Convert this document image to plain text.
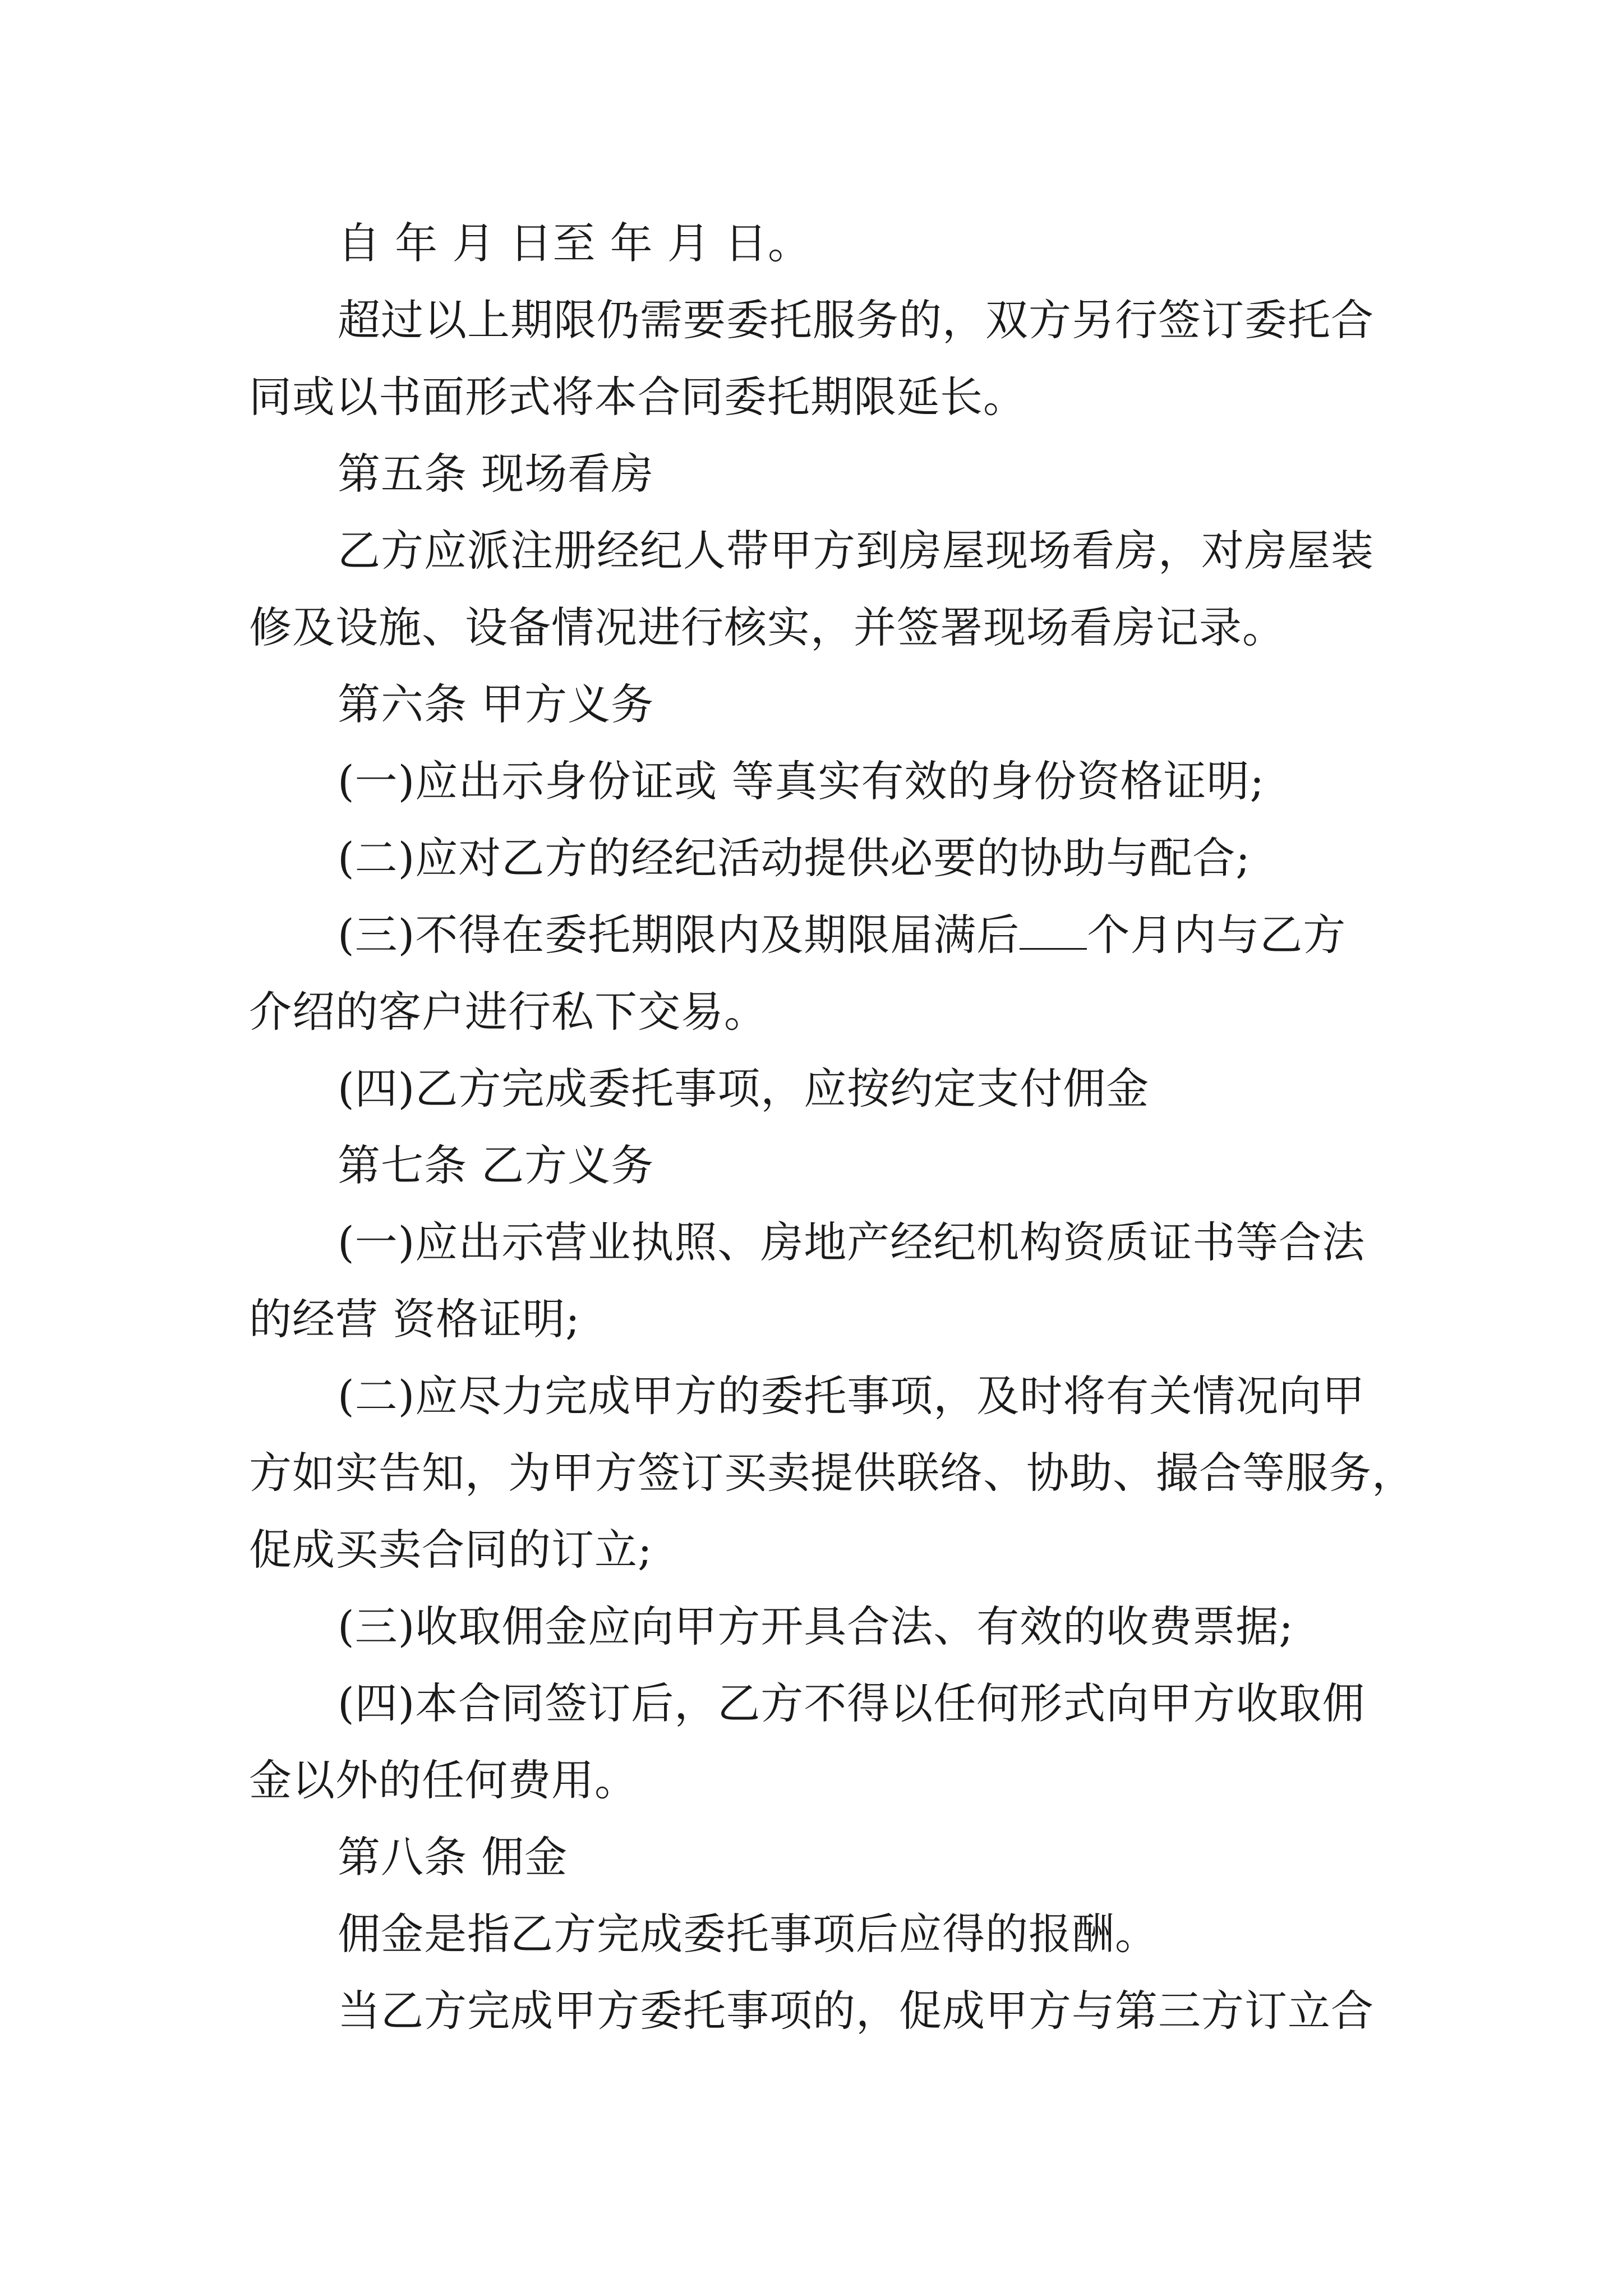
自 年 月 日至 年 月 日。
超过以上期限仍需要委托服务的，双方另行签订委托合
同或以书面形式将本合同委托期限延长。
第五条 现场看房
乙方应派注册经纪人带甲方到房屋现场看房，对房屋装
修及设施、设备情况进行核实，并签署现场看房记录。
第六条 甲方义务
(一)应出示身份证或 等真实有效的身份资格证明;
(二)应对乙方的经纪活动提供必要的协助与配合;
(三)不得在委托期限内及期限届满后 个月内与乙方
介绍的客户进行私下交易。
(四)乙方完成委托事项，应按约定支付佣金
第七条 乙方义务
(一)应出示营业执照、房地产经纪机构资质证书等合法
的经营 资格证明;
(二)应尽力完成甲方的委托事项，及时将有关情况向甲
方如实告知，为甲方签订买卖提供联络、协助、撮合等服务，
促成买卖合同的订立;
(三)收取佣金应向甲方开具合法、有效的收费票据;
(四)本合同签订后，乙方不得以任何形式向甲方收取佣
金以外的任何费用。
第八条 佣金
佣金是指乙方完成委托事项后应得的报酬。
当乙方完成甲方委托事项的，促成甲方与第三方订立合
